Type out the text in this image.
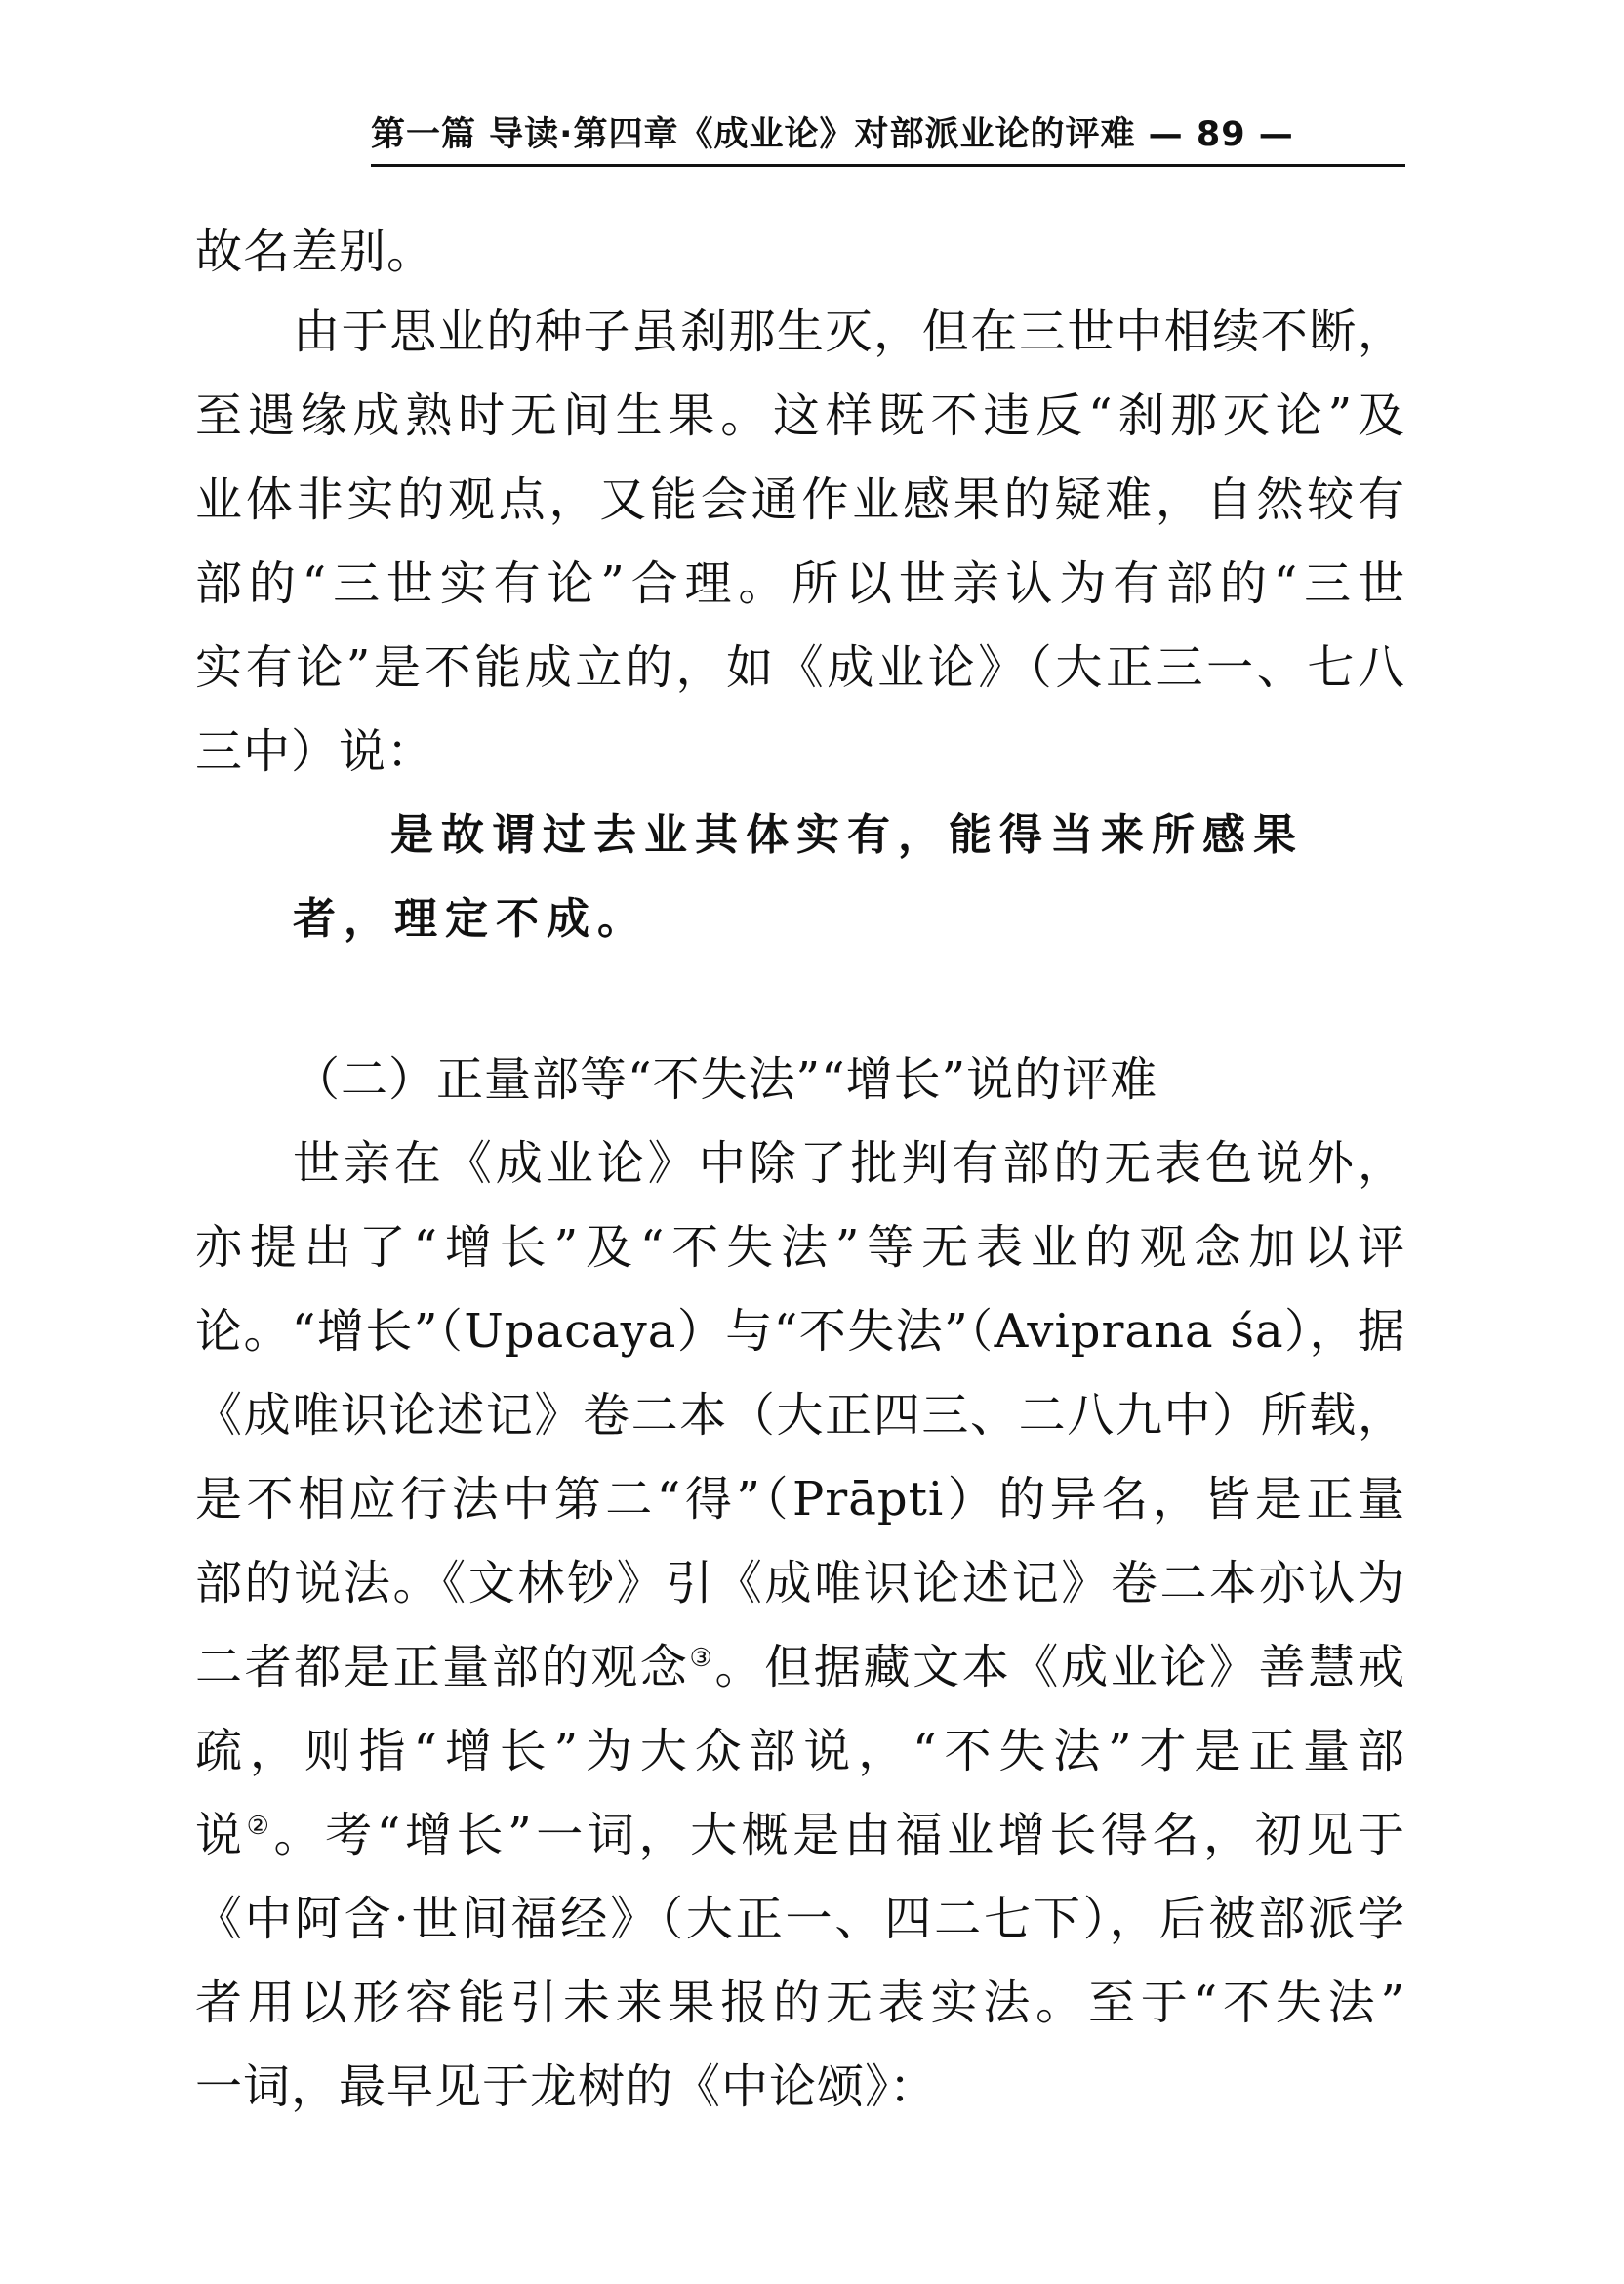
第一篇 导读·第四章《成业论》对部派业论的评难 — 89 —
故名差别。
由于思业的种子虽刹那生灭，但在三世中相续不断，
至遇缘成熟时无间生果。这样既不违反“刹那灭论”及
业体非实的观点，又能会通作业感果的疑难，自然较有
部的“三世实有论”合理。所以世亲认为有部的“三世
实有论”是不能成立的，如《成业论》（大正三一、七八
三中）说：
是故谓过去业其体实有，能得当来所感果
者，理定不成。
（二）正量部等“不失法”“增长”说的评难
世亲在《成业论》中除了批判有部的无表色说外，
亦提出了“增长”及“不失法”等无表业的观念加以评
论。“增长”（Upacaya）与“不失法”（Aviprana śa），据
《成唯识论述记》卷二本（大正四三、二八九中）所载，
是不相应行法中第二“得”（Prāpti）的异名，皆是正量
部的说法。《文林钞》引《成唯识论述记》卷二本亦认为
二者都是正量部的观念③。但据藏文本《成业论》善慧戒
疏，则指“增长”为大众部说，“不失法”才是正量部
说②。考“增长”一词，大概是由福业增长得名，初见于
《中阿含·世间福经》（大正一、四二七下），后被部派学
者用以形容能引未来果报的无表实法。至于“不失法”
一词，最早见于龙树的《中论颂》：
